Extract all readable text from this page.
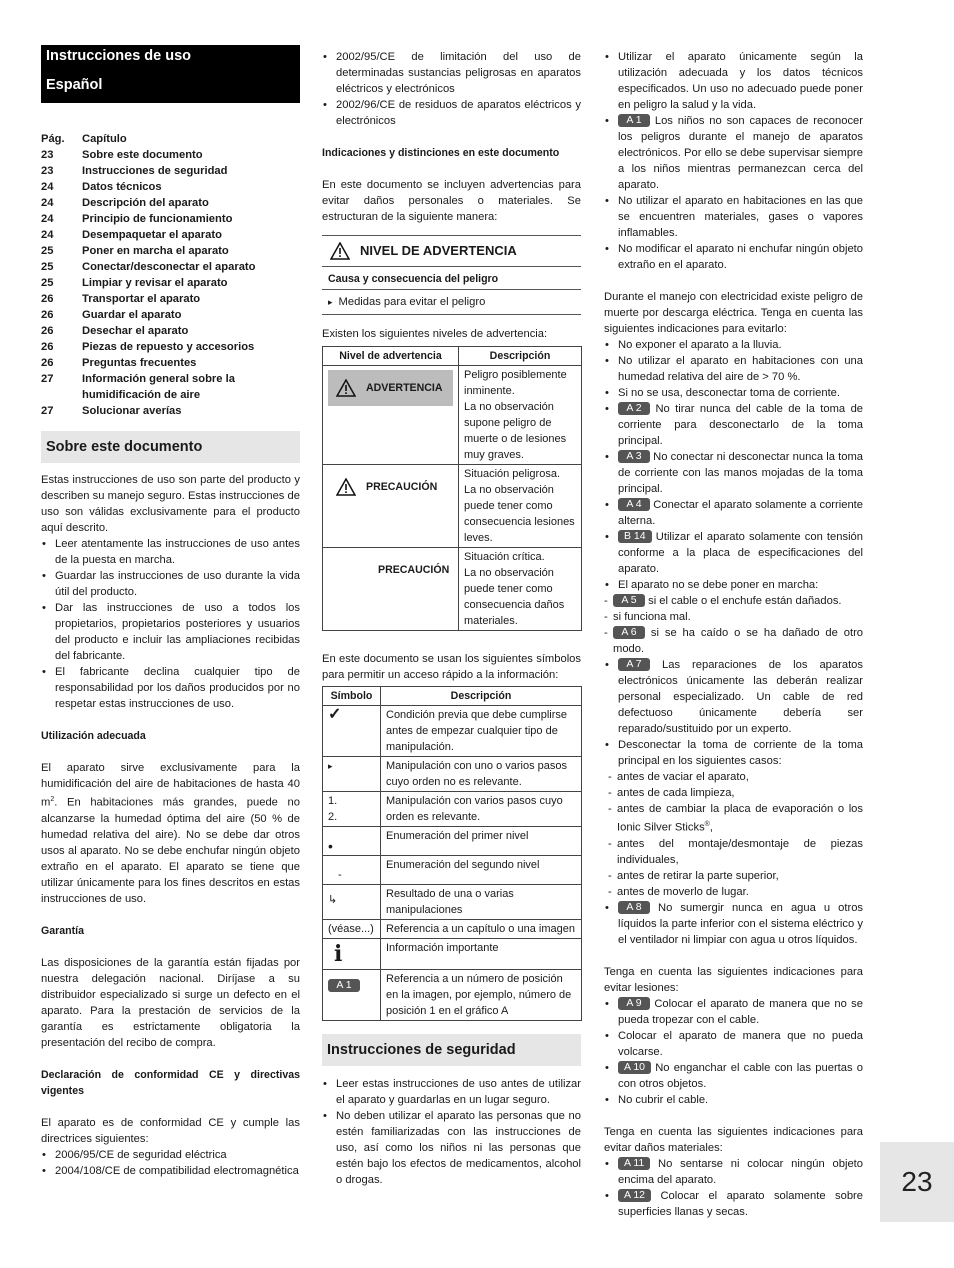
Instrucciones de uso
Español
Pág.	Capítulo
23	Sobre este documento
23	Instrucciones de seguridad
24	Datos técnicos
24	Descripción del aparato
24	Principio de funcionamiento
24	Desempaquetar el aparato
25	Poner en marcha el aparato
25	Conectar/desconectar el aparato
25	Limpiar y revisar el aparato
26	Transportar el aparato
26	Guardar el aparato
26	Desechar el aparato
26	Piezas de repuesto y accesorios
26	Preguntas frecuentes
27	Información general sobre la humidificación de aire
27	Solucionar averías
Sobre este documento

Estas instrucciones de uso son parte del producto y describen su manejo seguro. Estas instrucciones de uso son válidas exclusivamente para el producto aquí descrito.

• Leer atentamente las instrucciones de uso antes de la puesta en marcha.
• Guardar las instrucciones de uso durante la vida útil del producto.
• Dar las instrucciones de uso a todos los propietarios, propietarios posteriores y usuarios del producto e incluir las ampliaciones recibidas del fabricante.
• El fabricante declina cualquier tipo de responsabilidad por los daños producidos por no respetar estas instrucciones de uso.

Utilización adecuada

El aparato sirve exclusivamente para la humidificación del aire de habitaciones de hasta 40 $m^2$. En habitaciones más grandes, puede no alcanzarse la humedad óptima del aire (50 % de humedad relativa del aire). No se debe dar otros usos al aparato. No se debe enchufar ningún objeto extraño en el aparato. El aparato se tiene que utilizar únicamente para los fines descritos en estas instrucciones de uso.

Garantía

Las disposiciones de la garantía están fijadas por nuestra delegación nacional. Diríjase a su distribuidor especializado si surge un defecto en el aparato. Para la prestación de servicios de la garantía es estrictamente obligatoria la presentación del recibo de compra.

Declaración de conformidad CE y directivas vigentes

El aparato es de conformidad CE y cumple las directrices siguientes:

• 2006/95/CE de seguridad eléctrica
• 2004/108/CE de compatibilidad electromagnética
• 2002/95/CE de limitación del uso de determinadas sustancias peligrosas en aparatos eléctricos y electrónicos
• 2002/96/CE de residuos de aparatos eléctricos y electrónicos

Indicaciones y distinciones en este documento

En este documento se incluyen advertencias para evitar daños personales o materiales. Se estructuran de la siguiente manera:

NIVEL DE ADVERTENCIA
Causa y consecuencia del peligro
▸ Medidas para evitar el peligro

Existen los siguientes niveles de advertencia:

Nivel de advertencia	Descripción

ADVERTENCIA	Peligro posiblemente inminente.
La no observación supone peligro de muerte o de lesiones muy graves.

PRECAUCIÓN	Situación peligrosa.
La no observación puede tener como consecuencia lesiones leves.

PRECAUCIÓN	Situación crítica.
La no observación puede tener como consecuencia daños materiales.

En este documento se usan los siguientes símbolos para permitir un acceso rápido a la información:

Símbolo	Descripción
✓	Condición previa que debe cumplirse antes de empezar cualquier tipo de manipulación.
▸	Manipulación con uno o varios pasos cuyo orden no es relevante.
1.
2.	Manipulación con varios pasos cuyo orden es relevante.

•	Enumeración del primer nivel

-	Enumeración del segundo nivel

↳	Resultado de una o varias manipulaciones
(véase...)	Referencia a un capítulo o una imagen
i	Información importante
A 1	Referencia a un número de posición en la imagen, por ejemplo, número de posición 1 en el gráfico A
Instrucciones de seguridad
• Leer estas instrucciones de uso antes de utilizar el aparato y guardarlas en un lugar seguro.
• No deben utilizar el aparato las personas que no estén familiarizadas con las instrucciones de uso, así como los niños ni las personas que estén bajo los efectos de medicamentos, alcohol o drogas.
• Utilizar el aparato únicamente según la utilización adecuada y los datos técnicos especificados. Un uso no adecuado puede poner en peligro la salud y la vida.
• A 1 Los niños no son capaces de reconocer los peligros durante el manejo de aparatos electrónicos. Por ello se debe supervisar siempre a los niños mientras permanezcan cerca del aparato.
• No utilizar el aparato en habitaciones en las que se encuentren materiales, gases o vapores inflamables.
• No modificar el aparato ni enchufar ningún objeto extraño en el aparato.

Durante el manejo con electricidad existe peligro de muerte por descarga eléctrica. Tenga en cuenta las siguientes indicaciones para evitarlo:

• No exponer el aparato a la lluvia.
• No utilizar el aparato en habitaciones con una humedad relativa del aire de > 70 %.
• Si no se usa, desconectar toma de corriente.
• A 2 No tirar nunca del cable de la toma de corriente para desconectarlo de la toma principal.
• A 3 No conectar ni desconectar nunca la toma de corriente con las manos mojadas de la toma principal.
• A 4 Conectar el aparato solamente a corriente alterna.
• B 14 Utilizar el aparato solamente con tensión conforme a la placa de especificaciones del aparato.
• El aparato no se debe poner en marcha:
- A 5 si el cable o el enchufe están dañados.
- si funciona mal.
- A 6 si se ha caído o se ha dañado de otro modo.
• A 7 Las reparaciones de los aparatos electrónicos únicamente las deberán realizar personal especializado. Un cable de red defectuoso únicamente debería ser reparado/sustituido por un experto.
• Desconectar la toma de corriente de la toma principal en los siguientes casos:
- antes de vaciar el aparato,
- antes de cada limpieza,
- antes de cambiar la placa de evaporación o los Ionic Silver Sticks®,
- antes del montaje/desmontaje de piezas individuales,
- antes de retirar la parte superior,
- antes de moverlo de lugar.
• A 8 No sumergir nunca en agua u otros líquidos la parte inferior con el sistema eléctrico y el ventilador ni limpiar con agua u otros líquidos.

Tenga en cuenta las siguientes indicaciones para evitar lesiones:

• A 9 Colocar el aparato de manera que no se pueda tropezar con el cable.
• Colocar el aparato de manera que no pueda volcarse.
• A 10 No enganchar el cable con las puertas o con otros objetos.
• No cubrir el cable.

Tenga en cuenta las siguientes indicaciones para evitar daños materiales:

• A 11 No sentarse ni colocar ningún objeto encima del aparato.
• A 12 Colocar el aparato solamente sobre superficies llanas y secas.
23
